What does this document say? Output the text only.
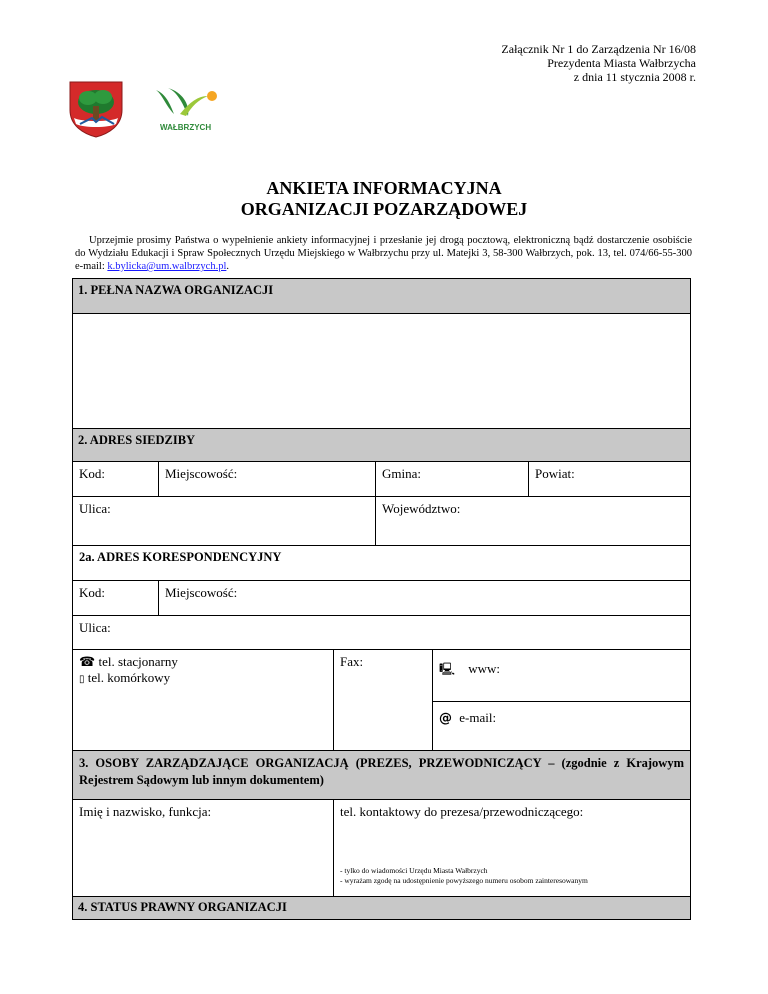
Załącznik Nr 1 do Zarządzenia Nr 16/08
Prezydenta Miasta Wałbrzycha
z dnia 11 stycznia 2008 r.
WAŁBRZYCH
ANKIETA INFORMACYJNA
ORGANIZACJI POZARZĄDOWEJ
Uprzejmie prosimy Państwa o wypełnienie ankiety informacyjnej i przesłanie jej drogą pocztową, elektroniczną bądź dostarczenie osobiście do Wydziału Edukacji i Spraw Społecznych Urzędu Miejskiego w Wałbrzychu przy ul. Matejki 3, 58-300 Wałbrzych, pok. 13, tel. 074/66-55-300 e-mail: k.bylicka@um.walbrzych.pl.
1. PEŁNA NAZWA ORGANIZACJI
2. ADRES SIEDZIBY
Kod:	Miejscowość:	Gmina:	Powiat:
Ulica:	Województwo:
2a. ADRES KORESPONDENCYJNY
Kod:	Miejscowość:
Ulica:
☎ tel. stacjonarny
▯ tel. komórkowy
Fax:	🖳 www:
@ e-mail:
3. OSOBY ZARZĄDZAJĄCE ORGANIZACJĄ (PREZES, PRZEWODNICZĄCY – (zgodnie z Krajowym Rejestrem Sądowym lub innym dokumentem)
Imię i nazwisko, funkcja:	tel. kontaktowy do prezesa/przewodniczącego:
- tylko do wiadomości Urzędu Miasta Wałbrzych
- wyrażam zgodę na udostępnienie powyższego numeru osobom zainteresowanym
4. STATUS PRAWNY ORGANIZACJI
